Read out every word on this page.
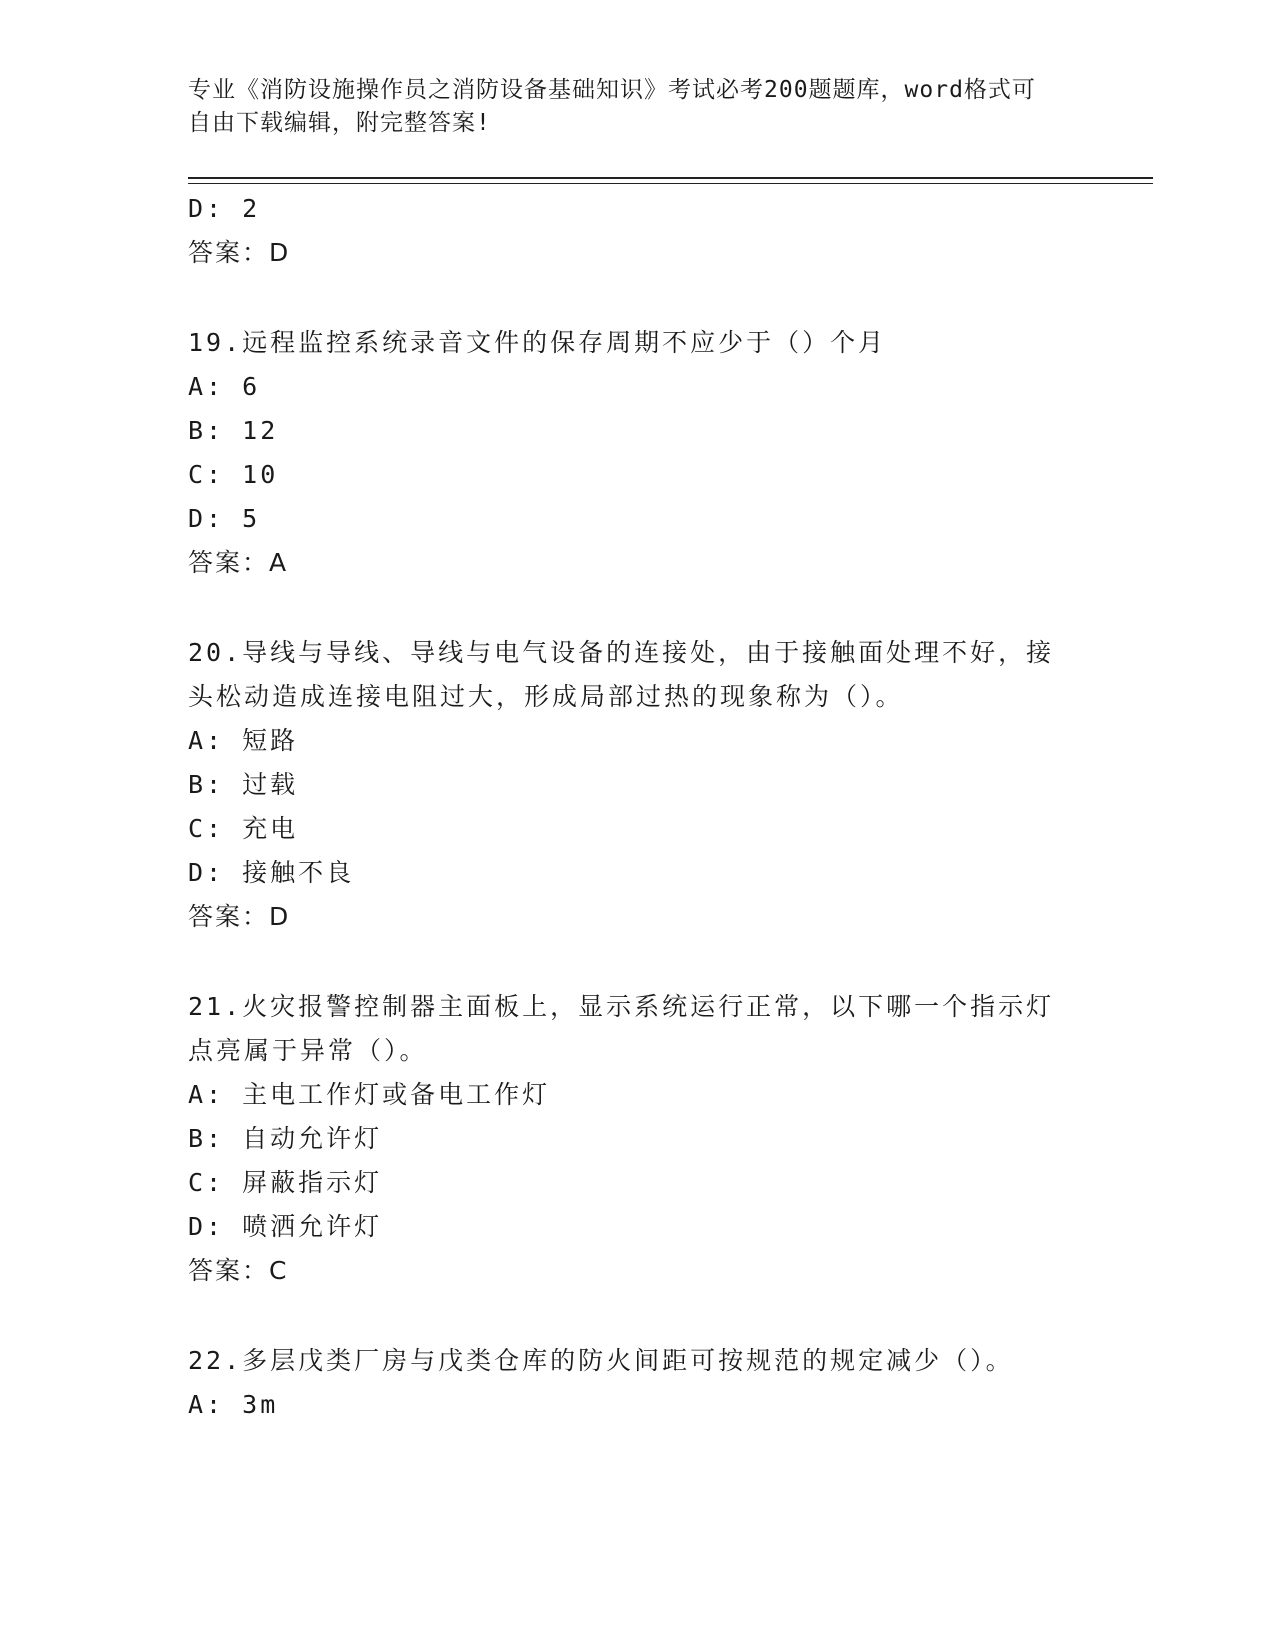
专业《消防设施操作员之消防设备基础知识》考试必考200题题库，word格式可
自由下载编辑，附完整答案!
D: 2
答案：D
19.远程监控系统录音文件的保存周期不应少于（）个月
A: 6
B: 12
C: 10
D: 5
答案：A
20.导线与导线、导线与电气设备的连接处，由于接触面处理不好，接
头松动造成连接电阻过大，形成局部过热的现象称为（）。
A: 短路
B: 过载
C: 充电
D: 接触不良
答案：D
21.火灾报警控制器主面板上，显示系统运行正常，以下哪一个指示灯
点亮属于异常（）。
A: 主电工作灯或备电工作灯
B: 自动允许灯
C: 屏蔽指示灯
D: 喷洒允许灯
答案：C
22.多层戊类厂房与戊类仓库的防火间距可按规范的规定减少（）。
A: 3m
